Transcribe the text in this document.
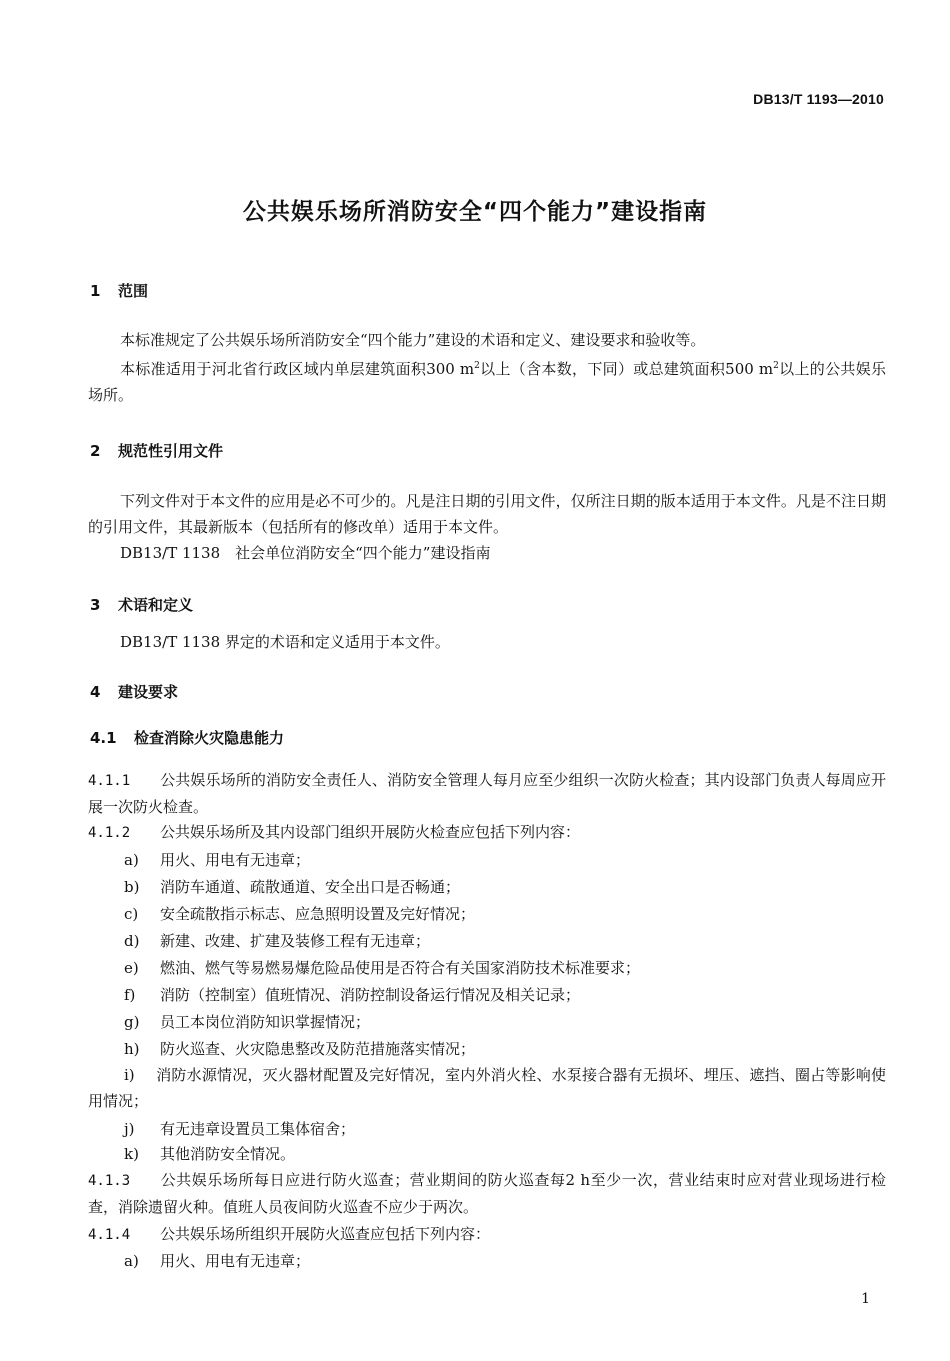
DB13/T 1193—2010
公共娱乐场所消防安全“四个能力”建设指南
1 范围
本标准规定了公共娱乐场所消防安全“四个能力”建设的术语和定义、建设要求和验收等。
本标准适用于河北省行政区域内单层建筑面积300 $m^2$以上（含本数，下同）或总建筑面积500 $m^2$以上的公共娱乐场所。
2 规范性引用文件
下列文件对于本文件的应用是必不可少的。凡是注日期的引用文件，仅所注日期的版本适用于本文件。凡是不注日期的引用文件，其最新版本（包括所有的修改单）适用于本文件。
DB13/T 1138　社会单位消防安全“四个能力”建设指南
3 术语和定义
DB13/T 1138 界定的术语和定义适用于本文件。
4 建设要求
4.1 检查消除火灾隐患能力
4.1.1 公共娱乐场所的消防安全责任人、消防安全管理人每月应至少组织一次防火检查；其内设部门负责人每周应开展一次防火检查。
4.1.2 公共娱乐场所及其内设部门组织开展防火检查应包括下列内容：
a) 用火、用电有无违章；
b) 消防车通道、疏散通道、安全出口是否畅通；
c) 安全疏散指示标志、应急照明设置及完好情况；
d) 新建、改建、扩建及装修工程有无违章；
e) 燃油、燃气等易燃易爆危险品使用是否符合有关国家消防技术标准要求；
f) 消防（控制室）值班情况、消防控制设备运行情况及相关记录；
g) 员工本岗位消防知识掌握情况；
h) 防火巡查、火灾隐患整改及防范措施落实情况；
i) 消防水源情况，灭火器材配置及完好情况，室内外消火栓、水泵接合器有无损坏、埋压、遮挡、圈占等影响使用情况；
j) 有无违章设置员工集体宿舍；
k) 其他消防安全情况。
4.1.3 公共娱乐场所每日应进行防火巡查；营业期间的防火巡查每2 h至少一次，营业结束时应对营业现场进行检查，消除遗留火种。值班人员夜间防火巡查不应少于两次。
4.1.4 公共娱乐场所组织开展防火巡查应包括下列内容：
a) 用火、用电有无违章；
1
